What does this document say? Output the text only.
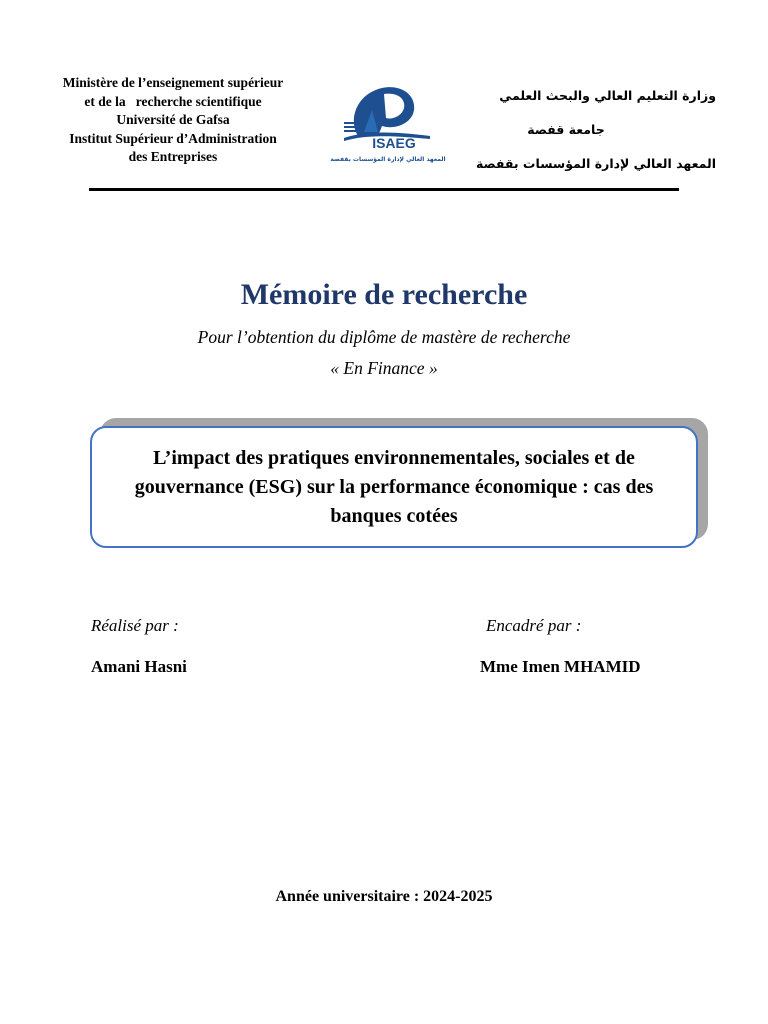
Ministère de l’enseignement supérieur
et de la   recherche scientifique
Université de Gafsa
Institut Supérieur d’Administration
des Entreprises
ISAEG
المعهد العالي لإدارة المؤسسات بقفصة
وزارة التعليم العالي والبحث العلمي
جامعة قفصة
المعهد العالي لإدارة المؤسسات بقفصة
Mémoire de recherche
Pour l’obtention du diplôme de mastère de recherche
« En Finance »
L’impact des pratiques environnementales, sociales et de gouvernance (ESG) sur la performance économique : cas des banques cotées
Réalisé par :	Encadré par :
Amani Hasni	Mme Imen MHAMID
Année universitaire : 2024-2025
